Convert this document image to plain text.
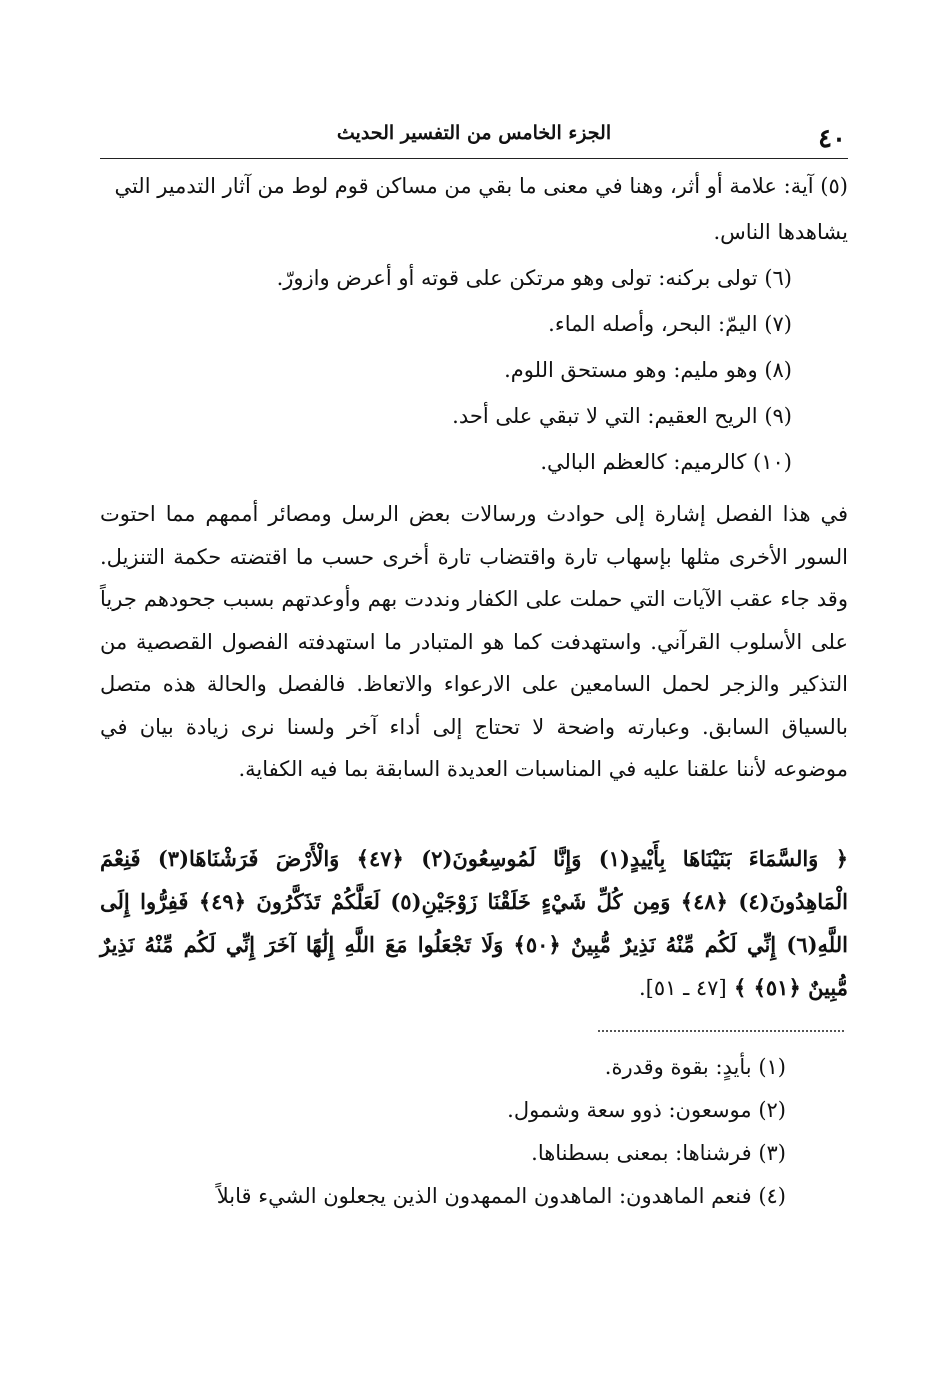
٤٠
الجزء الخامس من التفسير الحديث

(٥) آية: علامة أو أثر، وهنا في معنى ما بقي من مساكن قوم لوط من آثار التدمير التي يشاهدها الناس.

(٦) تولى بركنه: تولى وهو مرتكن على قوته أو أعرض وازورّ.

(٧) اليمّ: البحر، وأصله الماء.

(٨) وهو مليم: وهو مستحق اللوم.

(٩) الريح العقيم: التي لا تبقي على أحد.

(١٠) كالرميم: كالعظم البالي.

في هذا الفصل إشارة إلى حوادث ورسالات بعض الرسل ومصائر أممهم مما احتوت السور الأخرى مثلها بإسهاب تارة واقتضاب تارة أخرى حسب ما اقتضته حكمة التنزيل. وقد جاء عقب الآيات التي حملت على الكفار ونددت بهم وأوعدتهم بسبب جحودهم جرياً على الأسلوب القرآني. واستهدفت كما هو المتبادر ما استهدفته الفصول القصصية من التذكير والزجر لحمل السامعين على الارعواء والاتعاظ. فالفصل والحالة هذه متصل بالسياق السابق. وعبارته واضحة لا تحتاج إلى أداء آخر ولسنا نرى زيادة بيان في موضوعه لأننا علقنا عليه في المناسبات العديدة السابقة بما فيه الكفاية.

﴿ وَالسَّمَاءَ بَنَيْنَاهَا بِأَيْيدٍ(١) وَإِنَّا لَمُوسِعُونَ(٢) ﴿٤٧﴾ وَالْأَرْضَ فَرَشْنَاهَا(٣) فَنِعْمَ الْمَاهِدُونَ(٤) ﴿٤٨﴾ وَمِن كُلِّ شَيْءٍ خَلَقْنَا زَوْجَيْنِ(٥) لَعَلَّكُمْ تَذَكَّرُونَ ﴿٤٩﴾ فَفِرُّوا إِلَى اللَّهِ(٦) إِنِّي لَكُم مِّنْهُ نَذِيرٌ مُّبِينٌ ﴿٥٠﴾ وَلَا تَجْعَلُوا مَعَ اللَّهِ إِلَٰهًا آخَرَ إِنِّي لَكُم مِّنْهُ نَذِيرٌ مُّبِينٌ ﴿٥١﴾ ﴾ [٤٧ ـ ٥١].

(١) بأيدٍ: بقوة وقدرة.

(٢) موسعون: ذوو سعة وشمول.

(٣) فرشناها: بمعنى بسطناها.

(٤) فنعم الماهدون: الماهدون الممهدون الذين يجعلون الشيء قابلاً
